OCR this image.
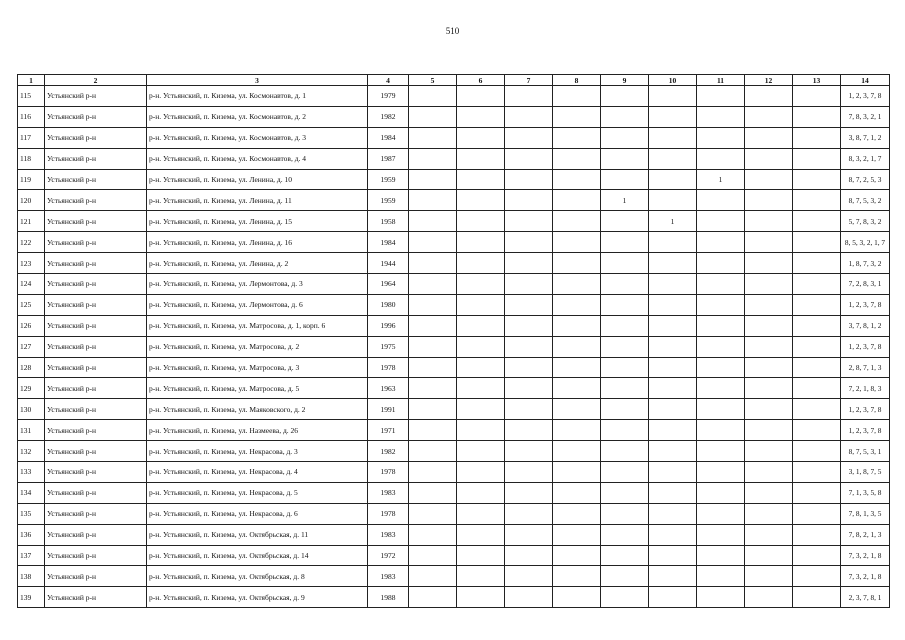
510
1	2	3	4	5	6	7	8	9	10	11	12	13	14
115	Устьянский р-н	р-н. Устьянский, п. Кизема, ул. Космонавтов, д. 1	1979										1, 2, 3, 7, 8
116	Устьянский р-н	р-н. Устьянский, п. Кизема, ул. Космонавтов, д. 2	1982										7, 8, 3, 2, 1
117	Устьянский р-н	р-н. Устьянский, п. Кизема, ул. Космонавтов, д. 3	1984										3, 8, 7, 1, 2
118	Устьянский р-н	р-н. Устьянский, п. Кизема, ул. Космонавтов, д. 4	1987										8, 3, 2, 1, 7
119	Устьянский р-н	р-н. Устьянский, п. Кизема, ул. Ленина, д. 10	1959							1			8, 7, 2, 5, 3
120	Устьянский р-н	р-н. Устьянский, п. Кизема, ул. Ленина, д. 11	1959					1					8, 7, 5, 3, 2
121	Устьянский р-н	р-н. Устьянский, п. Кизема, ул. Ленина, д. 15	1958						1				5, 7, 8, 3, 2
122	Устьянский р-н	р-н. Устьянский, п. Кизема, ул. Ленина, д. 16	1984										8, 5, 3, 2, 1, 7
123	Устьянский р-н	р-н. Устьянский, п. Кизема, ул. Ленина, д. 2	1944										1, 8, 7, 3, 2
124	Устьянский р-н	р-н. Устьянский, п. Кизема, ул. Лермонтова, д. 3	1964										7, 2, 8, 3, 1
125	Устьянский р-н	р-н. Устьянский, п. Кизема, ул. Лермонтова, д. 6	1980										1, 2, 3, 7, 8
126	Устьянский р-н	р-н. Устьянский, п. Кизема, ул. Матросова, д. 1, корп. 6	1996										3, 7, 8, 1, 2
127	Устьянский р-н	р-н. Устьянский, п. Кизема, ул. Матросова, д. 2	1975										1, 2, 3, 7, 8
128	Устьянский р-н	р-н. Устьянский, п. Кизема, ул. Матросова, д. 3	1978										2, 8, 7, 1, 3
129	Устьянский р-н	р-н. Устьянский, п. Кизема, ул. Матросова, д. 5	1963										7, 2, 1, 8, 3
130	Устьянский р-н	р-н. Устьянский, п. Кизема, ул. Маяковского, д. 2	1991										1, 2, 3, 7, 8
131	Устьянский р-н	р-н. Устьянский, п. Кизема, ул. Назмеева, д. 26	1971										1, 2, 3, 7, 8
132	Устьянский р-н	р-н. Устьянский, п. Кизема, ул. Некрасова, д. 3	1982										8, 7, 5, 3, 1
133	Устьянский р-н	р-н. Устьянский, п. Кизема, ул. Некрасова, д. 4	1978										3, 1, 8, 7, 5
134	Устьянский р-н	р-н. Устьянский, п. Кизема, ул. Некрасова, д. 5	1983										7, 1, 3, 5, 8
135	Устьянский р-н	р-н. Устьянский, п. Кизема, ул. Некрасова, д. 6	1978										7, 8, 1, 3, 5
136	Устьянский р-н	р-н. Устьянский, п. Кизема, ул. Октябрьская, д. 11	1983										7, 8, 2, 1, 3
137	Устьянский р-н	р-н. Устьянский, п. Кизема, ул. Октябрьская, д. 14	1972										7, 3, 2, 1, 8
138	Устьянский р-н	р-н. Устьянский, п. Кизема, ул. Октябрьская, д. 8	1983										7, 3, 2, 1, 8
139	Устьянский р-н	р-н. Устьянский, п. Кизема, ул. Октябрьская, д. 9	1988										2, 3, 7, 8, 1
